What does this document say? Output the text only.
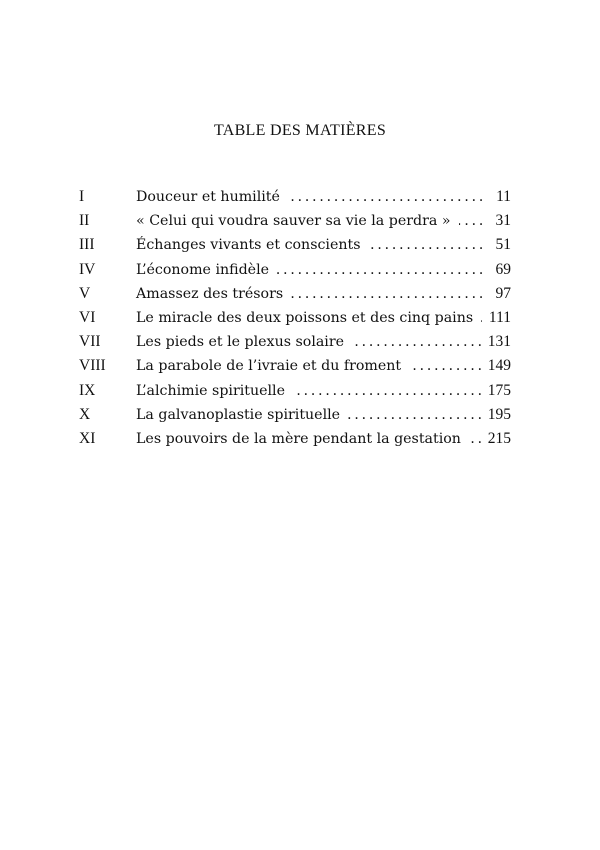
TABLE DES MATIÈRES
I	Douceur et humilité . . .	11
II	« Celui qui voudra sauver sa vie la perdra » . . .	31
III	Échanges vivants et conscients . . .	51
IV	L’économe infidèle . . .	69
V	Amassez des trésors . . .	97
VI	Le miracle des deux poissons et des cinq pains . . . 111
VII	Les pieds et le plexus solaire . . .	131
VIII	La parabole de l’ivraie et du froment . . .	149
IX	L’alchimie spirituelle . . .	175
X	La galvanoplastie spirituelle . . .	195
XI	Les pouvoirs de la mère pendant la gestation . . . 215
